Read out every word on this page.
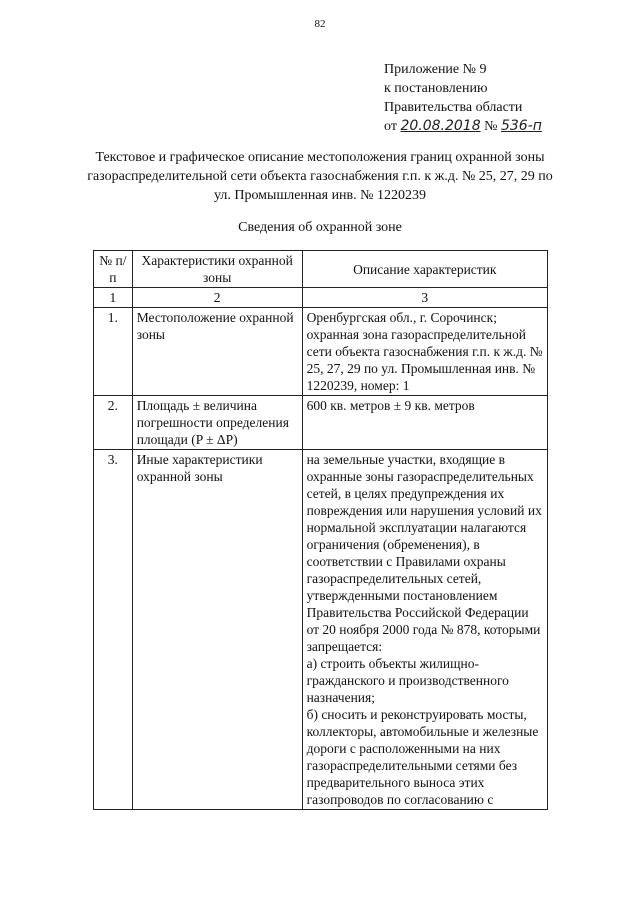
82
Приложение № 9
к постановлению
Правительства области
от 20.08.2018 № 536-п
Текстовое и графическое описание местоположения границ охранной зоны газораспределительной сети объекта газоснабжения г.п. к ж.д. № 25, 27, 29 по ул. Промышленная инв. № 1220239
Сведения об охранной зоне
№ п/п	Характеристики охранной зоны	Описание характеристик
1	2	3
1.	Местоположение охранной зоны	Оренбургская обл., г. Сорочинск; охранная зона газораспределительной сети объекта газоснабжения г.п. к ж.д. № 25, 27, 29 по ул. Промышленная инв. № 1220239, номер: 1
2.	Площадь ± величина погрешности определения площади (P ± ΔP)	600 кв. метров ± 9 кв. метров
3.	Иные характеристики охранной зоны	на земельные участки, входящие в охранные зоны газораспределительных сетей, в целях предупреждения их повреждения или нарушения условий их нормальной эксплуатации налагаются ограничения (обременения), в соответствии с Правилами охраны газораспределительных сетей, утвержденными постановлением Правительства Российской Федерации от 20 ноября 2000 года № 878, которыми запрещается:
а) строить объекты жилищно-гражданского и производственного назначения;
б) сносить и реконструировать мосты, коллекторы, автомобильные и железные дороги с расположенными на них газораспределительными сетями без предварительного выноса этих газопроводов по согласованию с
